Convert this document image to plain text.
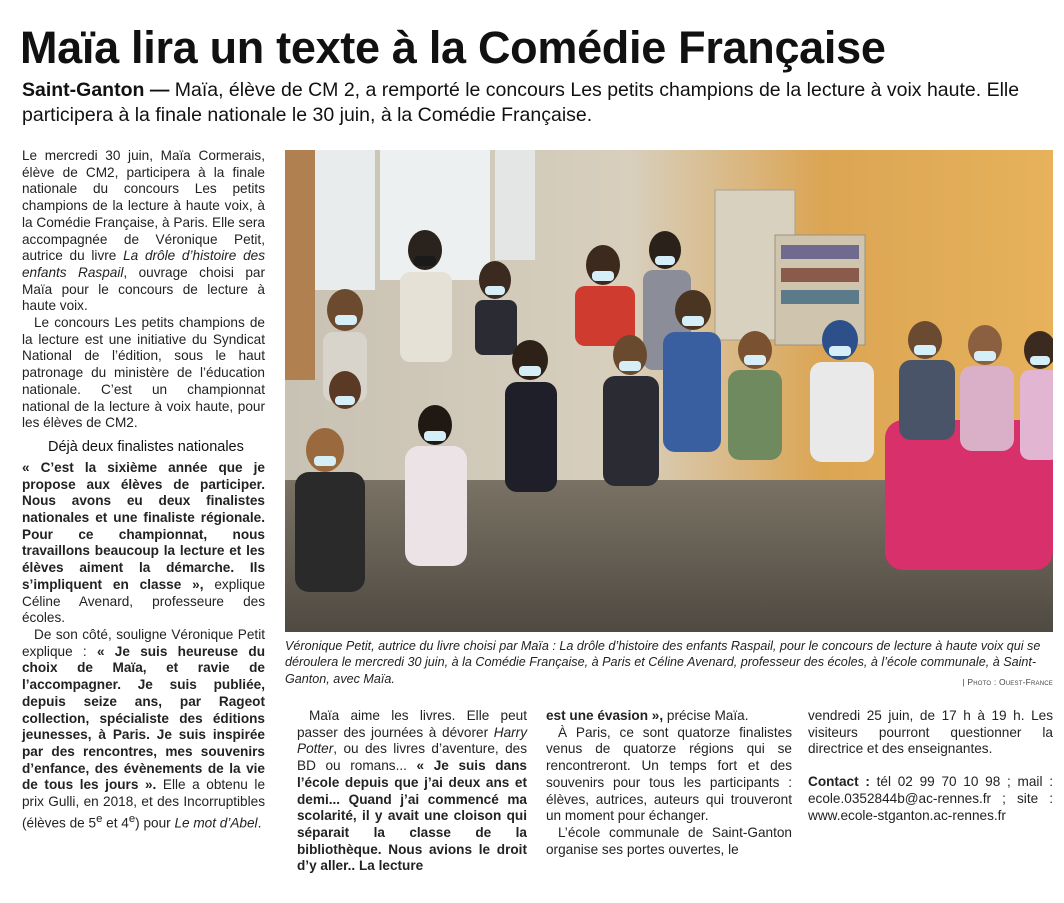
Maïa lira un texte à la Comédie Française

Saint-Ganton — Maïa, élève de CM 2, a remporté le concours Les petits champions de la lecture à voix haute. Elle participera à la finale nationale le 30 juin, à la Comédie Française.

Le mercredi 30 juin, Maïa Cormerais, élève de CM2, participera à la finale nationale du concours Les petits champions de la lecture à haute voix, à la Comédie Française, à Paris. Elle sera accompagnée de Véronique Petit, autrice du livre La drôle d’histoire des enfants Raspail, ouvrage choisi par Maïa pour le concours de lecture à haute voix.

Le concours Les petits champions de la lecture est une initiative du Syndicat National de l’édition, sous le haut patronage du ministère de l’éducation nationale. C’est un championnat national de la lecture à voix haute, pour les élèves de CM2.

Déjà deux finalistes nationales

« C’est la sixième année que je propose aux élèves de participer. Nous avons eu deux finalistes nationales et une finaliste régionale. Pour ce championnat, nous travaillons beaucoup la lecture et les élèves aiment la démarche. Ils s’impliquent en classe », explique Céline Avenard, professeure des écoles.

De son côté, souligne Véronique Petit explique : « Je suis heureuse du choix de Maïa, et ravie de l’accompagner. Je suis publiée, depuis seize ans, par Rageot collection, spécialiste des éditions jeunesses, à Paris. Je suis inspirée par des rencontres, mes souvenirs d’enfance, des évènements de la vie de tous les jours ». Elle a obtenu le prix Gulli, en 2018, et des Incorruptibles (élèves de 5e et 4e) pour Le mot d’Abel.

Véronique Petit, autrice du livre choisi par Maïa : La drôle d’histoire des enfants Raspail, pour le concours de lecture à haute voix qui se déroulera le mercredi 30 juin, à la Comédie Française, à Paris et Céline Avenard, professeur des écoles, à l’école communale, à Saint-Ganton, avec Maïa.	| Photo : Ouest-France

Maïa aime les livres. Elle peut passer des journées à dévorer Harry Potter, ou des livres d’aventure, des BD ou romans... « Je suis dans l’école depuis que j’ai deux ans et demi... Quand j’ai commencé ma scolarité, il y avait une cloison qui séparait la classe de la bibliothèque. Nous avions le droit d’y aller.. La lecture

est une évasion », précise Maïa.

À Paris, ce sont quatorze finalistes venus de quatorze régions qui se rencontreront. Un temps fort et des souvenirs pour tous les participants : élèves, autrices, auteurs qui trouveront un moment pour échanger.

L’école communale de Saint-Ganton organise ses portes ouvertes, le

vendredi 25 juin, de 17 h à 19 h. Les visiteurs pourront questionner la directrice et des enseignantes.

Contact : tél 02 99 70 10 98 ; mail : ecole.0352844b@ac-rennes.fr ; site : www.ecole-stganton.ac-rennes.fr
